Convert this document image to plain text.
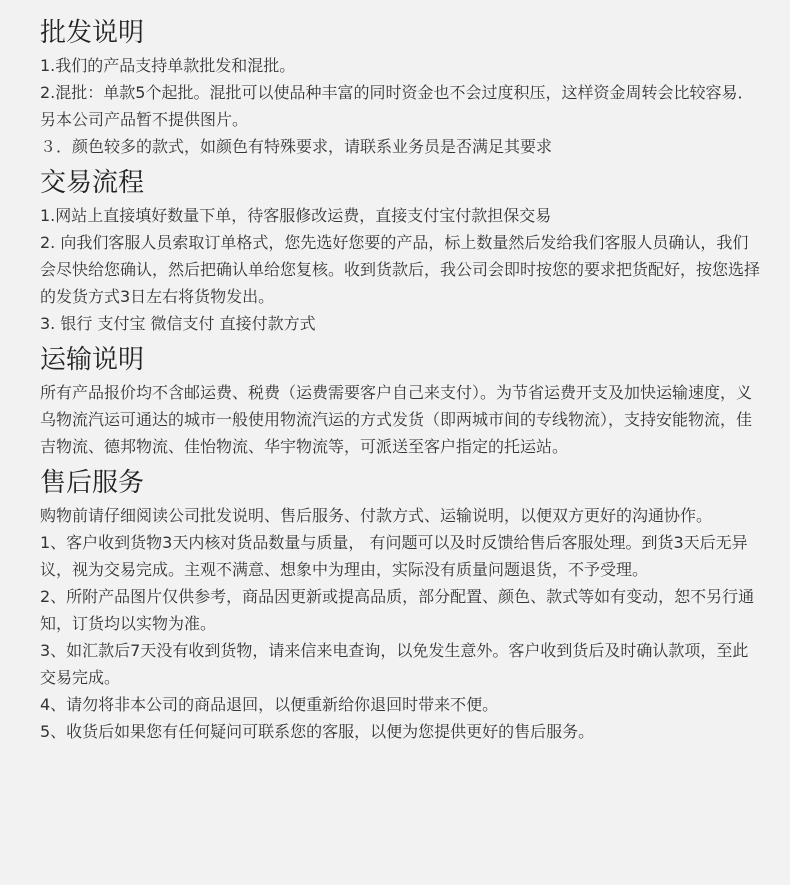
批发说明

1.我们的产品支持单款批发和混批。

2.混批：单款5个起批。混批可以使品种丰富的同时资金也不会过度积压，这样资金周转会比较容易．另本公司产品暂不提供图片。

３．颜色较多的款式，如颜色有特殊要求，请联系业务员是否满足其要求

交易流程

1.网站上直接填好数量下单，待客服修改运费，直接支付宝付款担保交易

2. 向我们客服人员索取订单格式，您先选好您要的产品，标上数量然后发给我们客服人员确认，我们会尽快给您确认，然后把确认单给您复核。收到货款后，我公司会即时按您的要求把货配好，按您选择的发货方式3日左右将货物发出。

3. 银行 支付宝 微信支付 直接付款方式

运输说明

所有产品报价均不含邮运费、税费（运费需要客户自己来支付）。为节省运费开支及加快运输速度，义乌物流汽运可通达的城市一般使用物流汽运的方式发货（即两城市间的专线物流），支持安能物流，佳吉物流、德邦物流、佳怡物流、华宇物流等，可派送至客户指定的托运站。

售后服务

购物前请仔细阅读公司批发说明、售后服务、付款方式、运输说明，以便双方更好的沟通协作。

1、客户收到货物3天内核对货品数量与质量， 有问题可以及时反馈给售后客服处理。到货3天后无异议，视为交易完成。主观不满意、想象中为理由，实际没有质量问题退货，不予受理。

2、所附产品图片仅供参考，商品因更新或提高品质，部分配置、颜色、款式等如有变动，恕不另行通知，订货均以实物为准。

3、如汇款后7天没有收到货物，请来信来电查询，以免发生意外。客户收到货后及时确认款项，至此交易完成。

4、请勿将非本公司的商品退回，以便重新给你退回时带来不便。

5、收货后如果您有任何疑问可联系您的客服，以便为您提供更好的售后服务。
